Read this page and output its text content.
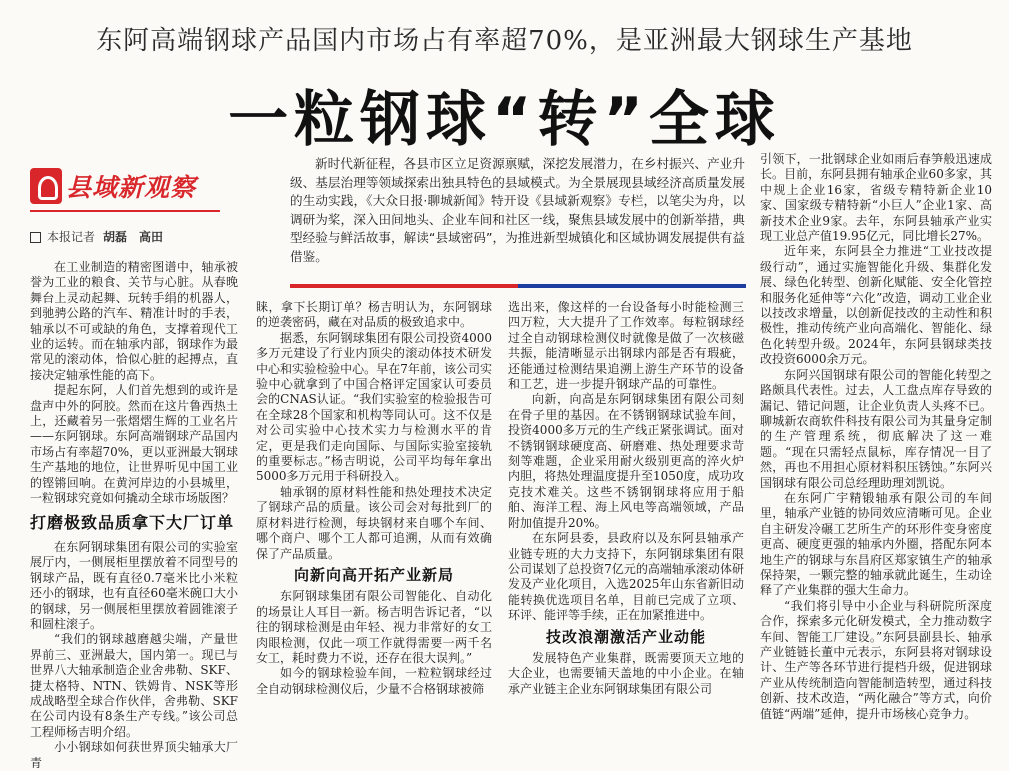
东阿高端钢球产品国内市场占有率超70%，是亚洲最大钢球生产基地
一粒钢球“转”全球
县域新观察
本报记者 胡磊　高田
新时代新征程，各县市区立足资源禀赋，深挖发展潜力，在乡村振兴、产业升级、基层治理等领域探索出独具特色的县域模式。为全景展现县域经济高质量发展的生动实践，《大众日报·聊城新闻》特开设《县域新观察》专栏，以笔尖为舟，以调研为桨，深入田间地头、企业车间和社区一线，聚焦县域发展中的创新举措，典型经验与鲜活故事，解读“县域密码”，为推进新型城镇化和区域协调发展提供有益借鉴。

在工业制造的精密图谱中，轴承被誉为工业的粮食、关节与心脏。从春晚舞台上灵动起舞、玩转手绢的机器人，到驰骋公路的汽车、精准计时的手表，轴承以不可或缺的角色，支撑着现代工业的运转。而在轴承内部，钢球作为最常见的滚动体，恰似心脏的起搏点，直接决定轴承性能的高下。

提起东阿，人们首先想到的或许是盘声中外的阿胶。然而在这片鲁西热土上，还藏着另一张熠熠生辉的工业名片——东阿钢球。东阿高端钢球产品国内市场占有率超70%，更以亚洲最大钢球生产基地的地位，让世界听见中国工业的铿锵回响。在黄河岸边的小县城里，一粒钢球究竟如何撬动全球市场版图？

打磨极致品质拿下大厂订单

在东阿钢球集团有限公司的实验室展厅内，一侧展柜里摆放着不同型号的钢球产品，既有直径0.7毫米比小米粒还小的钢球，也有直径60毫米碗口大小的钢球，另一侧展柜里摆放着圆锥滚子和圆柱滚子。

“我们的钢球越磨越尖端，产量世界前三、亚洲最大，国内第一。现已与世界八大轴承制造企业舍弗勒、SKF、捷太格特、NTN、铁姆肯、NSK等形成战略型全球合作伙伴，舍弗勒、SKF在公司内设有8条生产专线。”该公司总工程师杨吉明介绍。

小小钢球如何获世界顶尖轴承大厂青

睐，拿下长期订单？杨吉明认为，东阿钢球的逆袭密码，藏在对品质的极致追求中。

据悉，东阿钢球集团有限公司投资4000多万元建设了行业内顶尖的滚动体技术研发中心和实验检验中心。早在7年前，该公司实验中心就拿到了中国合格评定国家认可委员会的CNAS认证。“我们实验室的检验报告可在全球28个国家和机构等同认可。这不仅是对公司实验中心技术实力与检测水平的肯定，更是我们走向国际、与国际实验室接轨的重要标志。”杨吉明说，公司平均每年拿出5000多万元用于科研投入。

轴承钢的原材料性能和热处理技术决定了钢球产品的质量。该公司会对每批到厂的原材料进行检测，每块钢材来自哪个车间、哪个商户、哪个工人都可追溯，从而有效确保了产品质量。

向新向高开拓产业新局

东阿钢球集团有限公司智能化、自动化的场景让人耳目一新。杨吉明告诉记者，“以往的钢球检测是由年轻、视力非常好的女工肉眼检测，仅此一项工作就得需要一两千名女工，耗时费力不说，还存在很大误判。”

如今的钢球检验车间，一粒粒钢球经过全自动钢球检测仪后，少量不合格钢球被筛

选出来，像这样的一台设备每小时能检测三四万粒，大大提升了工作效率。每粒钢球经过全自动钢球检测仪时就像是做了一次核磁共振，能清晰显示出钢球内部是否有瑕疵，还能通过检测结果追溯上游生产环节的设备和工艺，进一步提升钢球产品的可靠性。

向新，向高是东阿钢球集团有限公司刻在骨子里的基因。在不锈钢钢球试验车间，投资4000多万元的生产线正紧张调试。面对不锈钢钢球硬度高、研磨难、热处理要求苛刻等难题，企业采用耐火级别更高的淬火炉内胆，将热处理温度提升至1050度，成功攻克技术难关。这些不锈钢钢球将应用于船舶、海洋工程、海上风电等高端领域，产品附加值提升20%。

在东阿县委，县政府以及东阿县轴承产业链专班的大力支持下，东阿钢球集团有限公司谋划了总投资7亿元的高端轴承滚动体研发及产业化项目，入选2025年山东省新旧动能转换优选项目名单，目前已完成了立项、环评、能评等手续，正在加紧推进中。

技改浪潮激活产业动能

发展特色产业集群，既需要顶天立地的大企业，也需要铺天盖地的中小企业。在轴承产业链主企业东阿钢球集团有限公司

引领下，一批钢球企业如雨后春笋般迅速成长。目前，东阿县拥有轴承企业60多家，其中规上企业16家，省级专精特新企业10家、国家级专精特新“小巨人”企业1家、高新技术企业9家。去年，东阿县轴承产业实现工业总产值19.95亿元，同比增长27%。

近年来，东阿县全力推进“工业技改提级行动”，通过实施智能化升级、集群化发展、绿色化转型、创新化赋能、安全化管控和服务化延伸等“六化”改造，调动工业企业以技改求增量，以创新促技改的主动性和积极性，推动传统产业向高端化、智能化、绿色化转型升级。2024年，东阿县钢球类技改投资6000余万元。

东阿兴国钢球有限公司的智能化转型之路颇具代表性。过去，人工盘点库存导致的漏记、错记问题，让企业负责人头疼不已。聊城新农商软件科技有限公司为其量身定制的生产管理系统，彻底解决了这一难题。“现在只需轻点鼠标，库存情况一目了然，再也不用担心原材料积压锈蚀。”东阿兴国钢球有限公司总经理助理刘凯说。

在东阿广宇精锻轴承有限公司的车间里，轴承产业链的协同效应清晰可见。企业自主研发冷碾工艺所生产的环形件变身密度更高、硬度更强的轴承内外圈，搭配东阿本地生产的钢球与东昌府区郑家镇生产的轴承保持架，一颗完整的轴承就此诞生，生动诠释了产业集群的强大生命力。

“我们将引导中小企业与科研院所深度合作，探索多元化研发模式，全力推动数字车间、智能工厂建设。”东阿县副县长、轴承产业链链长董中元表示，东阿县将对钢球设计、生产等各环节进行提档升级，促进钢球产业从传统制造向智能制造转型，通过科技创新、技术改造，“两化融合”等方式，向价值链“两端”延伸，提升市场核心竞争力。
